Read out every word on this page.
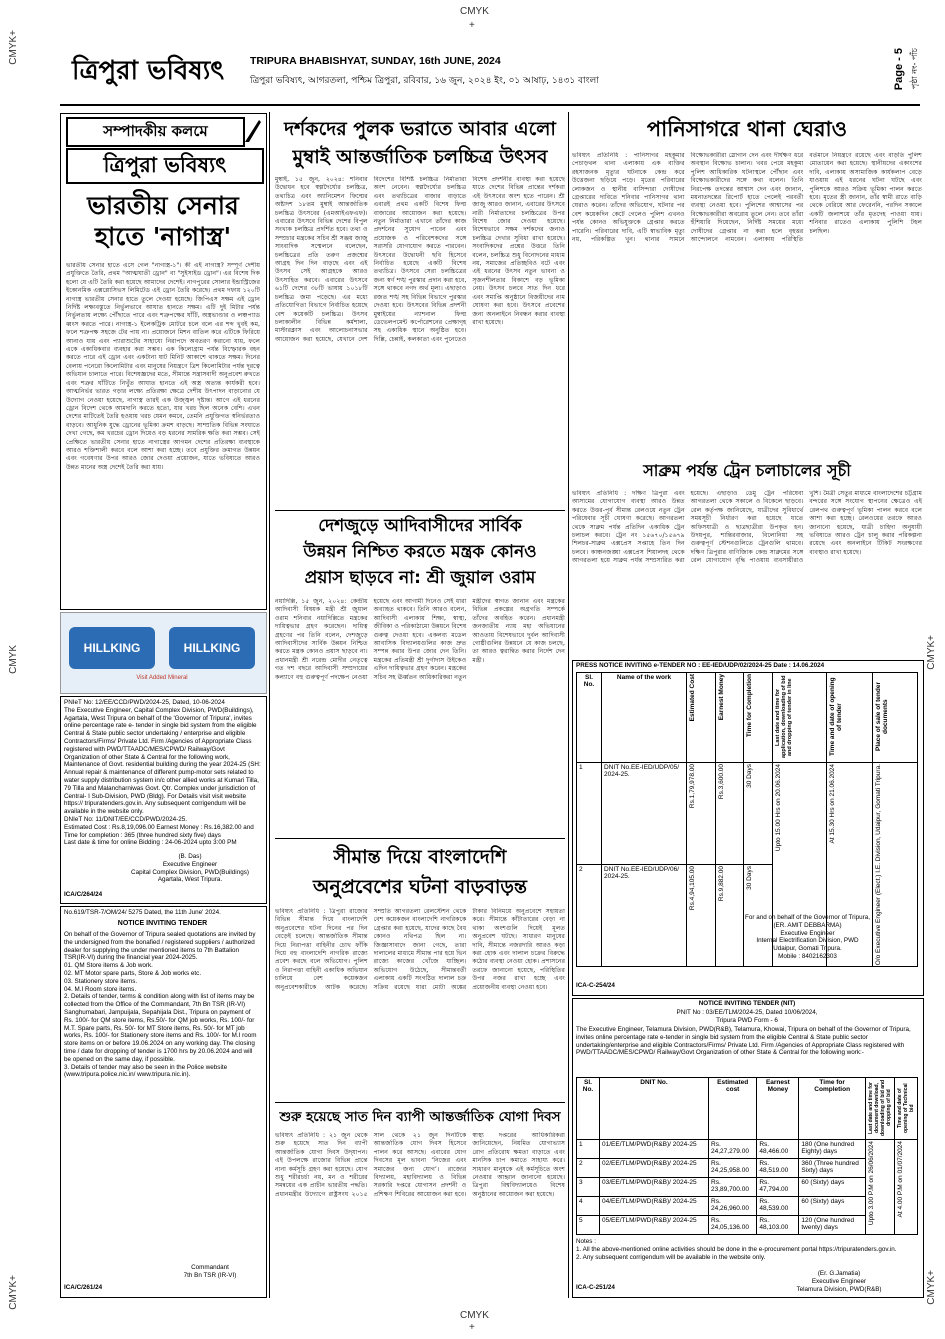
CMYK
+
CMYK+
CMYK
CMYK+
CMYK+
CMYK+
CMYK
+
ত্রিপুরা ভবিষ্যৎ TRIPURA BHABISHYAT, SUNDAY, 16th JUNE, 2024
ত্রিপুরা ভবিষ্যৎ, আগরতলা, পশ্চিম ত্রিপুরা, রবিবার, ১৬ জুন, ২০২৪ ইং, ০১ আষাঢ়, ১৪৩১ বাংলা	Page - 5 পৃষ্ঠা নং- পাঁচ
সম্পাদকীয় কলমে
ত্রিপুরা ভবিষ্যৎ
ভারতীয় সেনার হাতে 'নাগাস্ত্র'
ভারতীয় সেনার হাতে এসে গেল "নাগাস্ত্র-১"। কী এই নাগাস্ত্র? সম্পূর্ণ দেশীয় প্রযুক্তিতে তৈরি, প্রথম "আত্মঘাতী ড্রোন" বা "সুইসাইড ড্রোন"। এর বিশেষ দিক হলো যে এটি তৈরি করা হয়েছে আমাদের দেশেই। নাগপুরের সোলার ইন্ডাস্ট্রিজের ইকোনমিক এক্সপ্লোসিভস লিমিটেড এই ড্রোন তৈরি করেছে। প্রথম দফায় ১২০টি নাগাস্ত্র ভারতীয় সেনার হাতে তুলে দেওয়া হয়েছে। জিপিএস সক্ষম এই ড্রোন নির্দিষ্ট লক্ষ্যবস্তুতে নির্ভুলভাবে আঘাত হানতে সক্ষম। এটি দুই মিটার পর্যন্ত নির্ভুলতায় লক্ষ্যে পৌঁছাতে পারে এবং শত্রুপক্ষের ঘাঁটি, অস্ত্রভাণ্ডার ও লঞ্চপ্যাড ধ্বংস করতে পারে। নাগাস্ত্র-১ ইলেকট্রিক মোটরে চলে বলে এর শব্দ খুবই কম, ফলে শত্রুপক্ষ সহজে টের পায় না। প্রয়োজনে মিশন বাতিল করে এটিকে ফিরিয়ে আনাও যায় এবং প্যারাশুটের সাহায্যে নিরাপদে অবতরণ করানো যায়, ফলে একে একাধিকবার ব্যবহার করা সম্ভব। এক কিলোগ্রাম পর্যন্ত বিস্ফোরক বহন করতে পারে এই ড্রোন এবং একটানা ষাট মিনিট আকাশে থাকতে সক্ষম। দিনের বেলায় পনেরো কিলোমিটার এবং মানুষের নিয়ন্ত্রণে ত্রিশ কিলোমিটার পর্যন্ত দূরত্বে অভিযান চালাতে পারে। বিশেষজ্ঞদের মতে, সীমান্তে সন্ত্রাসবাদী অনুপ্রবেশ রুখতে এবং শত্রুর ঘাঁটিতে নিখুঁত আঘাত হানতে এই অস্ত্র অত্যন্ত কার্যকরী হবে। আত্মনির্ভর ভারত গড়ার লক্ষ্যে প্রতিরক্ষা ক্ষেত্রে দেশীয় উৎপাদন বাড়ানোর যে উদ্যোগ নেওয়া হয়েছে, নাগাস্ত্র তারই এক উজ্জ্বল দৃষ্টান্ত। আগে এই ধরনের ড্রোন বিদেশ থেকে আমদানি করতে হতো, যার খরচ ছিল অনেক বেশি। এখন দেশের মাটিতেই তৈরি হওয়ায় খরচ যেমন কমবে, তেমনি প্রযুক্তিগত স্বনির্ভরতাও বাড়বে। আধুনিক যুদ্ধে ড্রোনের ভূমিকা ক্রমশ বাড়ছে। সাম্প্রতিক বিভিন্ন সংঘাতে দেখা গেছে, কম খরচের ড্রোন দিয়েও বড় ধরনের সামরিক ক্ষতি করা সম্ভব। সেই প্রেক্ষিতে ভারতীয় সেনার হাতে নাগাস্ত্রের আগমন দেশের প্রতিরক্ষা ব্যবস্থাকে আরও শক্তিশালী করবে বলে আশা করা হচ্ছে। তবে প্রযুক্তির ক্রমাগত উন্নয়ন এবং গবেষণার উপর আরও জোর দেওয়া প্রয়োজন, যাতে ভবিষ্যতে আরও উন্নত মানের অস্ত্র দেশেই তৈরি করা যায়।
HILLKING	HILLKING
Visit Added Mineral
PNIeT No: 12/EE/CCD/PWD/2024-25, Dated, 10-06-2024
The Executive Engineer, Capital Complex Division, PWD(Buildings), Agartala, West Tripura on behalf of the 'Governor of Tripura', invites online percentage rate e- tender in single bid system from the eligible Central & State public sector undertaking / enterprise and eligible Contractors/Firms/ Private Ltd. Firm /Agencies of Appropriate Class registered with PWD/TTAADC/MES/CPWD/ Railway/Govt Organization of other State & Central for the following work, Maintenance of Govt. residential building during the year 2024-25 (SH: Annual repair & maintenance of different pump-motor sets related to water supply distribution system in/c other allied works at Kumari Tilla, 79 Tilla and Malancharniwas Govt. Qtr. Complex under jurisdiction of Central- I Sub-Division, PWD (Bldg). For Details visit visit website https:// tripuratenders.gov.in. Any subsequent corrigendum will be available in the website only.
DNIeT No: 11/DNIT/EE/CCD/PWD/2024-25.
Estimated Cost : Rs.8,19,096.00 Earnest Money : Rs.16,382.00 and Time for completion : 365 (three hundred sixty five) days
Last date & time for online Bidding : 24-06-2024 upto 3:00 PM
(B. Das)
Executive Engineer
Capital Complex Division, PWD(Buildings)
Agartala, West Tripura.
ICA/C/264/24
No.619/TSR-7/OM/24/ 5275 Dated, the 11th June' 2024.
NOTICE INVITING TENDER
On behalf of the Governor of Tripura sealed quotations are invited by the undersigned from the bonafied / registered suppliers / authorized dealer for supplying the under mentioned items to 7th Battalion TSR(IR-VI) during the financial year 2024-2025.
01. QM Store items & Job work.
02. MT Motor spare parts, Store & Job works etc.
03. Stationery store items.
04. M.I Room store items.
2. Details of tender, terms & condition along with list of items may be collected from the Office of the Commandant, 7th Bn TSR (IR-VI) Sanghumabari, Jampuijala, Sepahijala Dist., Tripura on payment of Rs. 100/- for QM store items, Rs.50/- for QM job works, Rs. 100/- for M.T. Spare parts, Rs. 50/- for MT Store items, Rs. 50/- for MT job works, Rs. 100/- for Stationery store items and Rs. 100/- for M.I room store items on or before 19.06.2024 on any working day. The closing time / date for dropping of tender is 1700 hrs by 20.06.2024 and will be opened on the same day, if possible.
3. Details of tender may also be seen in the Police website (www.tripura.police.nic.in/ www.tripura.nic.in).
Commandant
7th Bn TSR (IR-VI)
ICA/C/261/24
দর্শকদের পুলক ভরাতে আবার এলো
মুম্বাই আন্তর্জাতিক চলচ্চিত্র উৎসব
মুম্বাই, ১৫ জুন, ২০২৪: শনিবার উদ্বোধন হবে স্বল্পদৈর্ঘ্যের চলচ্চিত্র, তথ্যচিত্র এবং অ্যানিমেশন ফিল্মের অষ্টাদশ ১৮তম মুম্বাই আন্তর্জাতিক চলচ্চিত্র উৎসবের (এমআইএফএফ)। এবারের উৎসবে বিভিন্ন দেশের বিপুল সংখ্যক চলচ্চিত্র প্রদর্শিত হবে। তথ্য ও সম্প্রচার মন্ত্রকের সচিব শ্রী সঞ্জয় জাজু সাংবাদিক সম্মেলনে বলেছেন, চলচ্চিত্রের প্রতি তরুণ প্রজন্মের আগ্রহ দিন দিন বাড়ছে এবং এই উৎসব সেই আগ্রহকে আরও উৎসাহিত করবে। এবারের উৎসবে ৬১টি দেশের ৩৮টি ভাষায় ১০১৮টি চলচ্চিত্র জমা পড়েছে। এর মধ্যে প্রতিযোগিতা বিভাগে নির্বাচিত হয়েছে বেশ কয়েকটি চলচ্চিত্র। উৎসব চলাকালীন বিভিন্ন কর্মশালা, মাস্টারক্লাস এবং আলোচনাসভার আয়োজন করা হয়েছে, যেখানে দেশ বিদেশের বিশিষ্ট চলচ্চিত্র নির্মাতারা অংশ নেবেন। স্বল্পদৈর্ঘ্যের চলচ্চিত্র এবং তথ্যচিত্রের বাজার বাড়াতে এবারই প্রথম একটি বিশেষ ফিল্ম বাজারের আয়োজন করা হয়েছে। নতুন নির্মাতারা এখানে তাঁদের কাজ প্রদর্শনের সুযোগ পাবেন এবং প্রযোজক ও পরিবেশকদের সঙ্গে সরাসরি যোগাযোগ করতে পারবেন। উৎসবের উদ্বোধনী ছবি হিসেবে নির্বাচিত হয়েছে একটি বিশেষ তথ্যচিত্র। উৎসবে সেরা চলচ্চিত্রের জন্য স্বর্ণ শঙ্খ পুরস্কার প্রদান করা হবে, সঙ্গে থাকবে নগদ অর্থ মূল্য। এছাড়াও রজত শঙ্খ সহ বিভিন্ন বিভাগে পুরস্কার দেওয়া হবে। উৎসবের বিভিন্ন প্রদর্শনী মুম্বাইয়ের ন্যাশনাল ফিল্ম ডেভেলপমেন্ট কর্পোরেশনের প্রেক্ষাগৃহ সহ একাধিক স্থানে অনুষ্ঠিত হবে। দিল্লি, চেন্নাই, কলকাতা এবং পুনেতেও বিশেষ প্রদর্শনীর ব্যবস্থা করা হয়েছে যাতে দেশের বিভিন্ন প্রান্তের দর্শকরা এই উৎসবের অংশ হতে পারেন। শ্রী জাজু আরও জানান, এবারের উৎসবে নারী নির্মাতাদের চলচ্চিত্রের উপর বিশেষ জোর দেওয়া হয়েছে। বিশেষভাবে সক্ষম দর্শকদের জন্যও চলচ্চিত্র দেখার সুবিধা রাখা হয়েছে। সংবাদিকদের প্রশ্নের উত্তরে তিনি বলেন, চলচ্চিত্র শুধু বিনোদনের মাধ্যম নয়, সমাজের প্রতিচ্ছবিও বটে এবং এই ধরনের উৎসব নতুন ভাবনা ও সৃজনশীলতার বিকাশে বড় ভূমিকা নেয়। উৎসব চলবে সাত দিন ধরে এবং সমাপ্তি অনুষ্ঠানে বিজয়ীদের নাম ঘোষণা করা হবে। উৎসবে প্রবেশের জন্য অনলাইনে নিবন্ধন করার ব্যবস্থা রাখা হয়েছে।
দেশজুড়ে আদিবাসীদের সার্বিক
উন্নয়ন নিশ্চিত করতে মন্ত্রক কোনও
প্রয়াস ছাড়বে না: শ্রী জুয়াল ওরাম
নয়াদিল্লি, ১৫ জুন, ২০২৪: কেন্দ্রীয় আদিবাসী বিষয়ক মন্ত্রী শ্রী জুয়াল ওরাম শনিবার নয়াদিল্লিতে মন্ত্রকের দায়িত্বভার গ্রহণ করেছেন। দায়িত্ব গ্রহণের পর তিনি বলেন, দেশজুড়ে আদিবাসীদের সার্বিক উন্নয়ন নিশ্চিত করতে মন্ত্রক কোনও প্রয়াস ছাড়বে না। প্রধানমন্ত্রী শ্রী নরেন্দ্র মোদীর নেতৃত্বে গত দশ বছরে আদিবাসী সম্প্রদায়ের কল্যাণে বহু গুরুত্বপূর্ণ পদক্ষেপ নেওয়া হয়েছে এবং আগামী দিনেও সেই ধারা অব্যাহত থাকবে। তিনি আরও বলেন, আদিবাসী এলাকায় শিক্ষা, স্বাস্থ্য, জীবিকা ও পরিকাঠামো উন্নয়নে বিশেষ গুরুত্ব দেওয়া হবে। একলব্য মডেল আবাসিক বিদ্যালয়গুলির কাজ দ্রুত সম্পন্ন করার উপর জোর দেন তিনি। মন্ত্রকের প্রতিমন্ত্রী শ্রী দুর্গাদাস উইকেও এদিন দায়িত্বভার গ্রহণ করেন। মন্ত্রকের সচিব সহ ঊর্ধ্বতন আধিকারিকরা নতুন মন্ত্রীদের স্বাগত জানান এবং মন্ত্রকের বিভিন্ন প্রকল্পের অগ্রগতি সম্পর্কে তাঁদের অবহিত করেন। প্রধানমন্ত্রী জনজাতীয় ন্যায় মহা অভিযানের আওতায় বিশেষভাবে দুর্বল আদিবাসী গোষ্ঠীগুলির উন্নয়নে যে কাজ চলছে, তা আরও ত্বরান্বিত করার নির্দেশ দেন মন্ত্রী।
সীমান্ত দিয়ে বাংলাদেশি
অনুপ্রবেশের ঘটনা বাড়বাড়ন্ত
ভবিষ্যৎ প্রতিনিধি : ত্রিপুরা রাজ্যের বিভিন্ন সীমান্ত দিয়ে বাংলাদেশি অনুপ্রবেশের ঘটনা দিনের পর দিন বেড়েই চলেছে। আন্তর্জাতিক সীমান্ত দিয়ে নিরাপত্তা বাহিনীর চোখ ফাঁকি দিয়ে বহু বাংলাদেশি নাগরিক রাজ্যে প্রবেশ করছে বলে অভিযোগ। পুলিশ ও নিরাপত্তা বাহিনী একাধিক অভিযান চালিয়ে বেশ কয়েকজন অনুপ্রবেশকারীকে আটক করেছে। সম্প্রতি আগরতলা রেলস্টেশন থেকে বেশ কয়েকজন বাংলাদেশি নাগরিককে গ্রেপ্তার করা হয়েছে, যাদের কাছে বৈধ কোনও নথিপত্র ছিল না। জিজ্ঞাসাবাদে জানা গেছে, তারা দালালের মাধ্যমে সীমান্ত পার হয়ে ভিন রাজ্যে কাজের খোঁজে যাচ্ছিল। অভিযোগ উঠেছে, সীমান্তবর্তী এলাকায় একটি সংগঠিত দালাল চক্র সক্রিয় রয়েছে যারা মোটা অঙ্কের টাকার বিনিময়ে অনুপ্রবেশে সহায়তা করে। সীমান্তে কাঁটাতারের বেড়া না থাকা অংশগুলি দিয়েই মূলত অনুপ্রবেশ ঘটছে। সাধারণ মানুষের দাবি, সীমান্তে নজরদারি আরও কড়া করা হোক এবং দালাল চক্রের বিরুদ্ধে কঠোর ব্যবস্থা নেওয়া হোক। প্রশাসনের তরফে জানানো হয়েছে, পরিস্থিতির উপর নজর রাখা হচ্ছে এবং প্রয়োজনীয় ব্যবস্থা নেওয়া হবে।
শুরু হয়েছে সাত দিন ব্যাপী আন্তর্জাতিক যোগা দিবস
ভবিষ্যৎ প্রতিনিধি : ২১ জুন থেকে শুরু হয়েছে সাত দিন ব্যাপী আন্তর্জাতিক যোগা দিবস উদ্‌যাপন। এই উপলক্ষে রাজ্যের বিভিন্ন প্রান্তে নানা কর্মসূচি গ্রহণ করা হয়েছে। যোগ শুধু শরীরচর্চা নয়, মন ও শরীরের সমন্বয়ের এক প্রাচীন ভারতীয় পদ্ধতি। প্রধানমন্ত্রীর উদ্যোগে রাষ্ট্রসংঘ ২০১৫ সাল থেকে ২১ জুন দিনটিকে আন্তর্জাতিক যোগ দিবস হিসেবে পালন করে আসছে। এবারের যোগ দিবসের মূল ভাবনা ‘নিজের এবং সমাজের জন্য যোগ’। রাজ্যের বিদ্যালয়, মহাবিদ্যালয় ও বিভিন্ন সরকারি দপ্তরে যোগাসন প্রদর্শনী ও প্রশিক্ষণ শিবিরের আয়োজন করা হবে। স্বাস্থ্য দপ্তরের আধিকারিকরা জানিয়েছেন, নিয়মিত যোগাভ্যাস রোগ প্রতিরোধ ক্ষমতা বাড়াতে এবং মানসিক চাপ কমাতে সাহায্য করে। সাধারণ মানুষকে এই কর্মসূচিতে অংশ নেওয়ার আহ্বান জানানো হয়েছে। ত্রিপুরা বিশ্ববিদ্যালয়েও বিশেষ অনুষ্ঠানের আয়োজন করা হয়েছে।
পানিসাগরে থানা ঘেরাও
ভবিষ্যৎ প্রতিনিধি : পানিসাগর মহকুমার পেচাড়থল থানা এলাকায় এক ব্যক্তির রহস্যজনক মৃত্যুর ঘটনাকে কেন্দ্র করে উত্তেজনা ছড়িয়ে পড়ে। মৃতের পরিবারের লোকজন ও স্থানীয় বাসিন্দারা দোষীদের গ্রেপ্তারের দাবিতে শনিবার পানিসাগর থানা ঘেরাও করেন। তাঁদের অভিযোগ, ঘটনার পর বেশ কয়েকদিন কেটে গেলেও পুলিশ এখনও পর্যন্ত কোনও অভিযুক্তকে গ্রেপ্তার করতে পারেনি। পরিবারের দাবি, এটি স্বাভাবিক মৃত্যু নয়, পরিকল্পিত খুন। থানার সামনে বিক্ষোভকারীরা স্লোগান দেন এবং দীর্ঘক্ষণ ধরে অবস্থান বিক্ষোভ চালান। খবর পেয়ে মহকুমা পুলিশ আধিকারিক ঘটনাস্থলে পৌঁছান এবং বিক্ষোভকারীদের সঙ্গে কথা বলেন। তিনি নিরপেক্ষ তদন্তের আশ্বাস দেন এবং জানান, ময়নাতদন্তের রিপোর্ট হাতে পেলেই পরবর্তী ব্যবস্থা নেওয়া হবে। পুলিশের আশ্বাসের পর বিক্ষোভকারীরা অবরোধ তুলে নেন। তবে তাঁরা হুঁশিয়ারি দিয়েছেন, নির্দিষ্ট সময়ের মধ্যে দোষীদের গ্রেপ্তার না করা হলে বৃহত্তর আন্দোলনে নামবেন। এলাকায় পরিস্থিতি বর্তমানে নিয়ন্ত্রণে রয়েছে এবং বাড়তি পুলিশ মোতায়েন করা হয়েছে। স্থানীয়দের একাংশের দাবি, এলাকায় অসামাজিক কার্যকলাপ বেড়ে যাওয়ায় এই ধরনের ঘটনা ঘটছে এবং পুলিশকে আরও সক্রিয় ভূমিকা পালন করতে হবে। মৃতের স্ত্রী জানান, তাঁর স্বামী রাতে বাড়ি থেকে বেরিয়ে আর ফেরেননি, পরদিন সকালে একটি জলাশয়ে তাঁর মৃতদেহ পাওয়া যায়। শনিবার রাতেও এলাকায় পুলিশি টহল চলছিল।
সাব্রুম পর্যন্ত ট্রেন চলাচালের সূচী
ভবিষ্যৎ প্রতিনিধি : দক্ষিণ ত্রিপুরা এবং আসামের যোগাযোগ ব্যবস্থা আরও উন্নত করতে উত্তর-পূর্ব সীমান্ত রেলওয়ে নতুন ট্রেন পরিষেবার সূচী ঘোষণা করেছে। আগরতলা থেকে সাব্রুম পর্যন্ত প্রতিদিন একাধিক ট্রেন চলাচল করবে। ট্রেন নং ১৫৬৭০/১৫৬৭৯ শিলচর-সাব্রুম এক্সপ্রেস সপ্তাহে তিন দিন চলবে। কাঞ্চনজঙ্ঘা এক্সপ্রেস শিয়ালদহ থেকে আগরতলা হয়ে সাব্রুম পর্যন্ত সম্প্রসারিত করা হয়েছে। এছাড়াও ডেমু ট্রেন পরিষেবা আগরতলা থেকে সকালে ও বিকেলে ছাড়বে। রেল কর্তৃপক্ষ জানিয়েছে, যাত্রীদের সুবিধার্থে সময়সূচী নির্ধারণ করা হয়েছে যাতে অফিসযাত্রী ও ছাত্রছাত্রীরা উপকৃত হন। উদয়পুর, শান্তিরবাজার, বিলোনিয়া সহ গুরুত্বপূর্ণ স্টেশনগুলিতে ট্রেনগুলি থামবে। দক্ষিণ ত্রিপুরার বাণিজ্যিক কেন্দ্র সাব্রুমের সঙ্গে রেল যোগাযোগ বৃদ্ধি পাওয়ায় ব্যবসায়ীরাও খুশি। মৈত্রী সেতুর মাধ্যমে বাংলাদেশের চট্টগ্রাম বন্দরের সঙ্গে সংযোগ স্থাপনের ক্ষেত্রেও এই রেলপথ গুরুত্বপূর্ণ ভূমিকা পালন করবে বলে আশা করা হচ্ছে। রেলওয়ের তরফে আরও জানানো হয়েছে, যাত্রী চাহিদা অনুযায়ী ভবিষ্যতে আরও ট্রেন চালু করার পরিকল্পনা রয়েছে এবং অনলাইনে টিকিট সংরক্ষণের ব্যবস্থাও রাখা হয়েছে।
PRESS NOTICE INVITING e-TENDER NO : EE-IED/UDP/02/2024-25 Date : 14.06.2024
Sl. No.	Name of the work	Estimated Cost	Earnest Money	Time for Completion	Last date and time for application, downloading of bid and dropping of tender in line	Time and date of opening of tender	Place of sale of tender documents

1	DNIT No.EE-IED/UDP/05/ 2024-25.	Rs.1,79,978.00	Rs.3,600.00	30 Days	Upto 15.00 Hrs on 20.06.2024	At 15.30 Hrs on 21.06.2024	O/o Executive Engineer (Elect.) I.E. Division, Udaipur, Gomati Tripura.

2	DNIT No.EE-IED/UDP/06/ 2024-25.	Rs.4,94,105.00	Rs.9,882.00	30 Days			
For and on behalf of the Governor of Tripura,
(ER. AMIT DEBBARMA)
Executive Engineer
Internal Electrification Division, PWD
Udaipur, Gomati Tripura.
Mobile : 8402162303
ICA-C-254/24
NOTICE INVITING TENDER (NIT)
PNIT No : 03/EE/TLM/2024-25, Dated 10/06/2024,
Tripura PWD Form - 6
The Executive Engineer, Telamura Division, PWD(R&B), Telamura, Khowai, Tripura on behalf of the Governor of Tripura, invites online percentage rate e-tender in single bid system from the eligible Central & State public sector undertaking/enterprise and eligible Contractors/Firms/ Private Ltd. Firm /Agencies of Appropriate Class registered with PWD/TTAADC/MES/CPWD/ Railway/Govt Organization of other State & Central for the following work:-
Sl. No.	DNIT No.	Estimated cost	Earnest Money	Time for Completion	Last date and time for document download, downloading of bid and dropping of bid	Time and date of opening of Technical bid

1	01/EE/TLM/PWD(R&B)/ 2024-25	Rs. 24,27,279.00	Rs. 48,466.00	180 (One hundred Eighty) days	Upto 3.00 P.M on 26/06/2024	At 4.00 P.M on 01/07/2024

2	02/EE/TLM/PWD(R&B)/ 2024-25	Rs. 24,25,958.00	Rs. 48,519.00	360 (Three hundred Sixty) days		
3	03/EE/TLM/PWD(R&B)/ 2024-25	Rs. 23,89,700.00	Rs. 47,794.00	60 (Sixty) days		
4	04/EE/TLM/PWD(R&B)/ 2024-25	Rs. 24,26,960.00	Rs. 48,539.00	60 (Sixty) days		
5	05/EE/TLM/PWD(R&B)/ 2024-25	Rs. 24,05,136.00	Rs. 48,103.00	120 (One hundred twenty) days		
Notes :
1. All the above-mentioned online activities should be done in the e-procurement portal https://tripuratenders.gov.in.
2. Any subsequent corrigendum will be available in the website only.
(Er. G.Jamatia)
Executive Engineer
Telamura Division, PWD(R&B)
ICA-C-251/24
